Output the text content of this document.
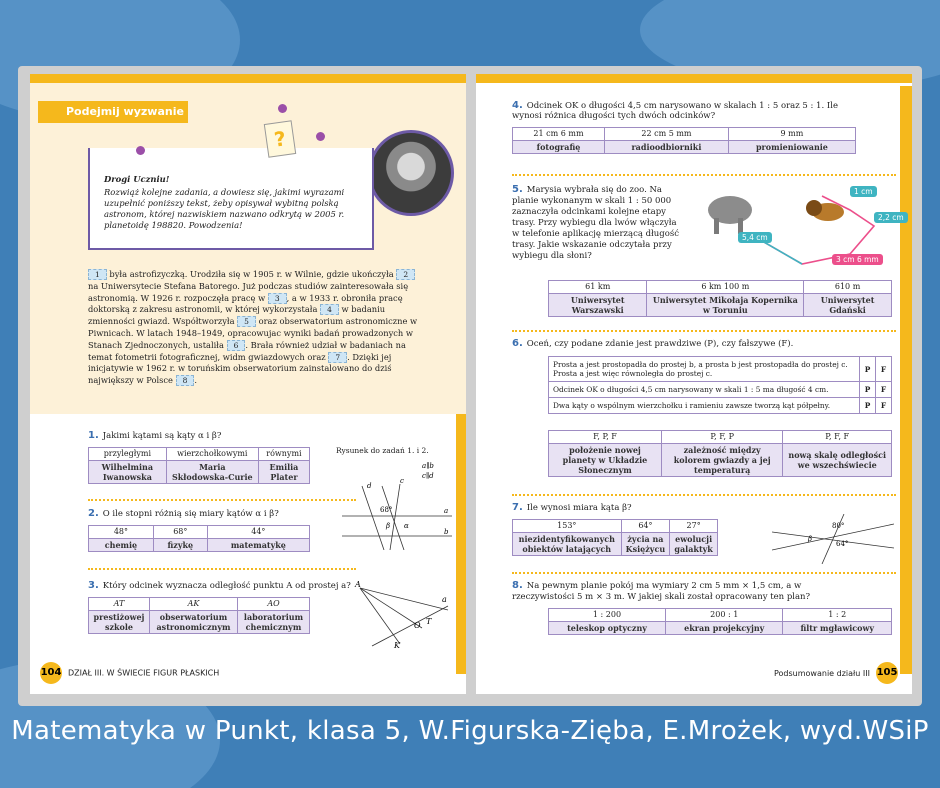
Podejmij wyzwanie
Drogi Uczniu!
Rozwiąż kolejne zadania, a dowiesz się, jakimi wyrazami uzupełnić poniższy tekst, żeby opisywał wybitną polską astronom, której nazwiskiem nazwano odkrytą w 2005 r. planetoidę 198820. Powodzenia!
?
1 była astrofizyczką. Urodziła się w 1905 r. w Wilnie, gdzie ukończyła 2 na Uniwersytecie Stefana Batorego. Już podczas studiów zainteresowała się astronomią. W 1926 r. rozpoczęła pracę w 3 , a w 1933 r. obroniła pracę doktorską z zakresu astronomii, w której wykorzystała 4 w badaniu zmienności gwiazd. Współtworzyła 5 oraz obserwatorium astronomiczne w Piwnicach. W latach 1948–1949, opracowujac wyniki badań prowadzonych w Stanach Zjednoczonych, ustaliła 6 . Brała również udział w badaniach na temat fotometrii fotograficznej, widm gwiazdowych oraz 7 . Dzięki jej inicjatywie w 1962 r. w toruńskim obserwatorium zainstalowano do dziś największy w Polsce 8 .
1. Jakimi kątami są kąty α i β?
przyległymi	wierzchołkowymi	równymi
Wilhelmina Iwanowska	Maria Skłodowska-Curie	Emilia Plater
2. O ile stopni różnią się miary kątów α i β?
48°	68°	44°
chemię	fizykę	matematykę
3. Który odcinek wyznacza odległość punktu A od prostej a?
AT	AK	AO
prestiżowej szkole	obserwatorium astronomicznym	laboratorium chemicznym
Rysunek do zadań 1. i 2.
a∥b
c∥d
d
c
a
b
68°
α
β
A
a
K
O T
104 DZIAŁ III. W ŚWIECIE FIGUR PŁASKICH
4. Odcinek OK o długości 4,5 cm narysowano w skalach 1 : 5 oraz 5 : 1. Ile wynosi różnica długości tych dwóch odcinków?
21 cm 6 mm	22 cm 5 mm	9 mm
fotografię	radioodbiorniki	promieniowanie
5. Marysia wybrała się do zoo. Na planie wykonanym w skali 1 : 50 000 zaznaczyła odcinkami kolejne etapy trasy. Przy wybiegu dla lwów włączyła w telefonie aplikację mierzącą długość trasy. Jakie wskazanie odczytała przy wybiegu dla słoni?
1 cm
2,2 cm
5,4 cm
3 cm 6 mm
61 km	6 km 100 m	610 m
Uniwersytet Warszawski	Uniwersytet Mikołaja Kopernika w Toruniu	Uniwersytet Gdański
6. Oceń, czy podane zdanie jest prawdziwe (P), czy fałszywe (F).
Prosta a jest prostopadła do prostej b, a prosta b jest prostopadła do prostej c. Prosta a jest więc równoległa do prostej c.	P	F
Odcinek OK o długości 4,5 cm narysowany w skali 1 : 5 ma długość 4 cm.	P	F
Dwa kąty o wspólnym wierzchołku i ramieniu zawsze tworzą kąt półpełny.	P	F
F, P, F	P, F, P	P, F, F
położenie nowej planety w Układzie Słonecznym	zależność między kolorem gwiazdy a jej temperaturą	nową skalę odległości we wszechświecie
7. Ile wynosi miara kąta β?
153°	64°	27°
niezidentyfikowanych obiektów latających	życia na Księżycu	ewolucji galaktyk
80°
64°
β
8. Na pewnym planie pokój ma wymiary 2 cm 5 mm × 1,5 cm, a w rzeczywistości 5 m × 3 m. W jakiej skali został opracowany ten plan?
1 : 200	200 : 1	1 : 2
teleskop optyczny	ekran projekcyjny	filtr mgławicowy
Podsumowanie działu III 105
Matematyka w Punkt, klasa 5, W.Figurska-Zięba, E.Mrożek, wyd.WSiP
